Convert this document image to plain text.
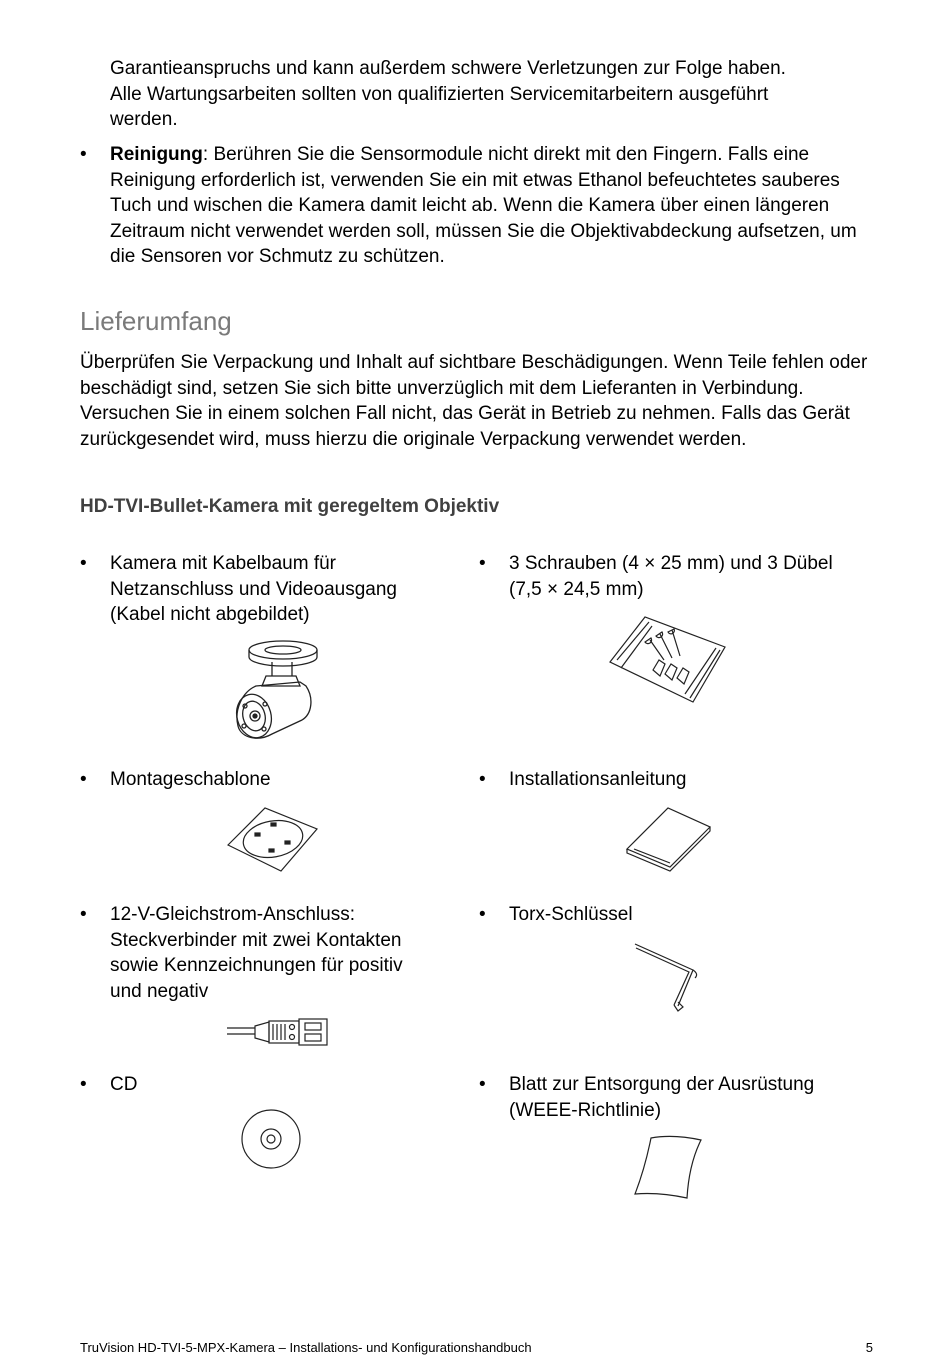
Garantieanspruchs und kann außerdem schwere Verletzungen zur Folge haben.
Alle Wartungsarbeiten sollten von qualifizierten Servicemitarbeitern ausgeführt
werden.

• Reinigung: Berühren Sie die Sensormodule nicht direkt mit den Fingern. Falls eine Reinigung erforderlich ist, verwenden Sie ein mit etwas Ethanol befeuchtetes sauberes Tuch und wischen die Kamera damit leicht ab. Wenn die Kamera über einen längeren Zeitraum nicht verwendet werden soll, müssen Sie die Objektivabdeckung aufsetzen, um die Sensoren vor Schmutz zu schützen.

Lieferumfang

Überprüfen Sie Verpackung und Inhalt auf sichtbare Beschädigungen. Wenn Teile fehlen oder beschädigt sind, setzen Sie sich bitte unverzüglich mit dem Lieferanten in Verbindung. Versuchen Sie in einem solchen Fall nicht, das Gerät in Betrieb zu nehmen. Falls das Gerät zurückgesendet wird, muss hierzu die originale Verpackung verwendet werden.

HD-TVI-Bullet-Kamera mit geregeltem Objektiv
• Kamera mit Kabelbaum für
Netzanschluss und Videoausgang
(Kabel nicht abgebildet)
• 3 Schrauben (4 × 25 mm) und 3 Dübel
(7,5 × 24,5 mm)
• Montageschablone	• Installationsanleitung
• 12-V-Gleichstrom-Anschluss:
Steckverbinder mit zwei Kontakten
sowie Kennzeichnungen für positiv
und negativ
• Torx-Schlüssel
• CD	• Blatt zur Entsorgung der Ausrüstung
(WEEE-Richtlinie)
TruVision HD-TVI-5-MPX-Kamera – Installations- und Konfigurationshandbuch	5
